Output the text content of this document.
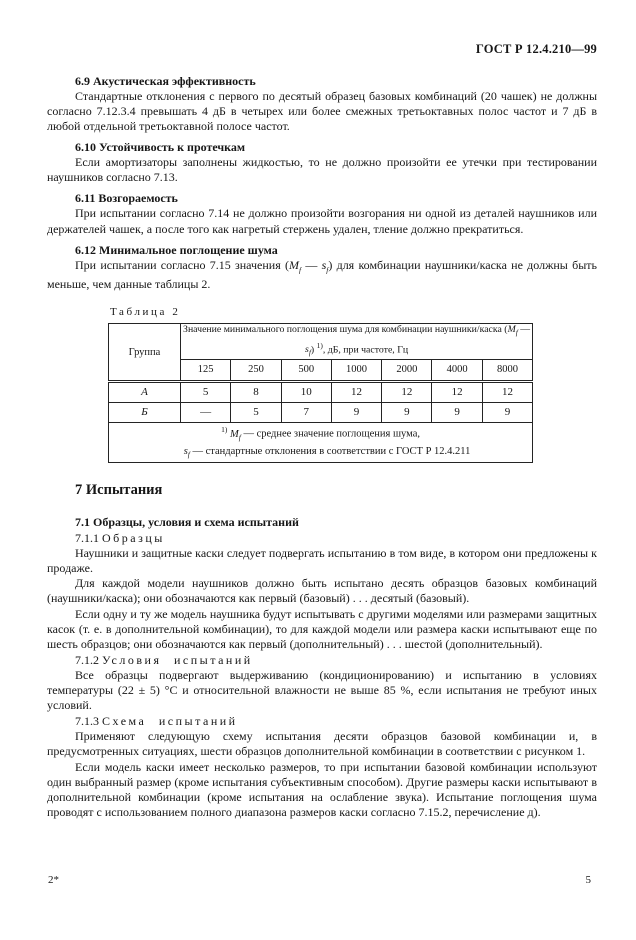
ГОСТ Р 12.4.210—99

6.9 Акустическая эффективность

Стандартные отклонения с первого по десятый образец базовых комбинаций (20 чашек) не должны согласно 7.12.3.4 превышать 4 дБ в четырех или более смежных третьоктавных полос частот и 7 дБ в любой отдельной третьоктавной полосе частот.

6.10 Устойчивость к протечкам

Если амортизаторы заполнены жидкостью, то не должно произойти ее утечки при тестировании наушников согласно 7.13.

6.11 Возгораемость

При испытании согласно 7.14 не должно произойти возгорания ни одной из деталей наушников или держателей чашек, а после того как нагретый стержень удален, тление должно прекратиться.

6.12 Минимальное поглощение шума

При испытании согласно 7.15 значения ($M_f$ — $s_f$) для комбинации наушники/каска не должны быть меньше, чем данные таблицы 2.

Таблица 2
Группа	Значение минимального поглощения шума для комбинации наушники/каска ($M_f$ — $s_f$) $^{1)}$, дБ, при частоте, Гц						
	125	250	500	1000	2000	4000	8000
А	5	8	10	12	12	12	12
Б	—	5	7	9	9	9	9

$^{1)}$ $M_f$ — среднее значение поглощения шума,
$s_f$ — стандартные отклонения в соответствии с ГОСТ Р 12.4.211							

7 Испытания

7.1 Образцы, условия и схема испытаний

7.1.1 Образцы

Наушники и защитные каски следует подвергать испытанию в том виде, в котором они предложены к продаже.

Для каждой модели наушников должно быть испытано десять образцов базовых комбинаций (наушники/каска); они обозначаются как первый (базовый) . . . десятый (базовый).

Если одну и ту же модель наушника будут испытывать с другими моделями или размерами защитных касок (т. е. в дополнительной комбинации), то для каждой модели или размера каски испытывают еще по шесть образцов; они обозначаются как первый (дополнительный) . . . шестой (дополнительный).

7.1.2 Условия испытаний

Все образцы подвергают выдерживанию (кондиционированию) и испытанию в условиях температуры (22 ± 5) °С и относительной влажности не выше 85 %, если испытания не требуют иных условий.

7.1.3 Схема испытаний

Применяют следующую схему испытания десяти образцов базовой комбинации и, в предусмотренных ситуациях, шести образцов дополнительной комбинации в соответствии с рисунком 1.

Если модель каски имеет несколько размеров, то при испытании базовой комбинации используют один выбранный размер (кроме испытания субъективным способом). Другие размеры каски испытывают в дополнительной комбинации (кроме испытания на ослабление звука). Испытание поглощения шума проводят с использованием полного диапазона размеров каски согласно 7.15.2, перечисление д).

2*	5
